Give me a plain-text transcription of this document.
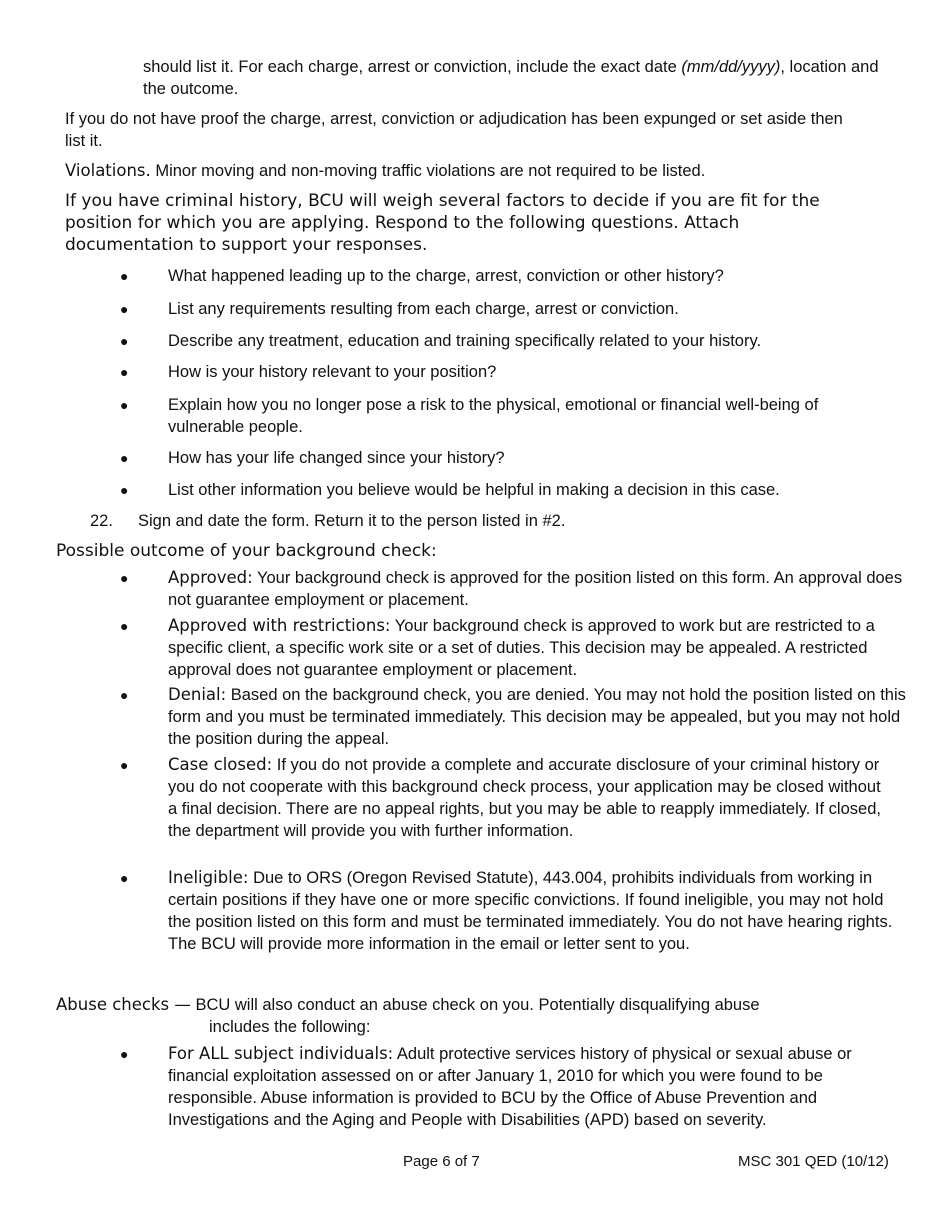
should list it. For each charge, arrest or conviction, include the exact date (mm/dd/yyyy), location and the outcome.
If you do not have proof the charge, arrest, conviction or adjudication has been expunged or set aside then list it.
Violations. Minor moving and non-moving traffic violations are not required to be listed.
If you have criminal history, BCU will weigh several factors to decide if you are fit for the position for which you are applying. Respond to the following questions. Attach documentation to support your responses.
●	What happened leading up to the charge, arrest, conviction or other history?
●	List any requirements resulting from each charge, arrest or conviction.
●	Describe any treatment, education and training specifically related to your history.
●	How is your history relevant to your position?
●	Explain how you no longer pose a risk to the physical, emotional or financial well-being of vulnerable people.
●	How has your life changed since your history?
●	List other information you believe would be helpful in making a decision in this case.
22. Sign and date the form. Return it to the person listed in #2.
Possible outcome of your background check:
●	Approved: Your background check is approved for the position listed on this form. An approval does not guarantee employment or placement.
●	Approved with restrictions: Your background check is approved to work but are restricted to a specific client, a specific work site or a set of duties. This decision may be appealed. A restricted approval does not guarantee employment or placement.
●	Denial: Based on the background check, you are denied. You may not hold the position listed on this form and you must be terminated immediately. This decision may be appealed, but you may not hold the position during the appeal.
●	Case closed: If you do not provide a complete and accurate disclosure of your criminal history or you do not cooperate with this background check process, your application may be closed without a final decision. There are no appeal rights, but you may be able to reapply immediately. If closed, the department will provide you with further information.
●	Ineligible: Due to ORS (Oregon Revised Statute), 443.004, prohibits individuals from working in certain positions if they have one or more specific convictions. If found ineligible, you may not hold the position listed on this form and must be terminated immediately. You do not have hearing rights. The BCU will provide more information in the email or letter sent to you.
Abuse checks — BCU will also conduct an abuse check on you. Potentially disqualifying abuse
includes the following:
●	For ALL subject individuals: Adult protective services history of physical or sexual abuse or financial exploitation assessed on or after January 1, 2010 for which you were found to be responsible. Abuse information is provided to BCU by the Office of Abuse Prevention and Investigations and the Aging and People with Disabilities (APD) based on severity.
Page 6 of 7	MSC 301 QED (10/12)
